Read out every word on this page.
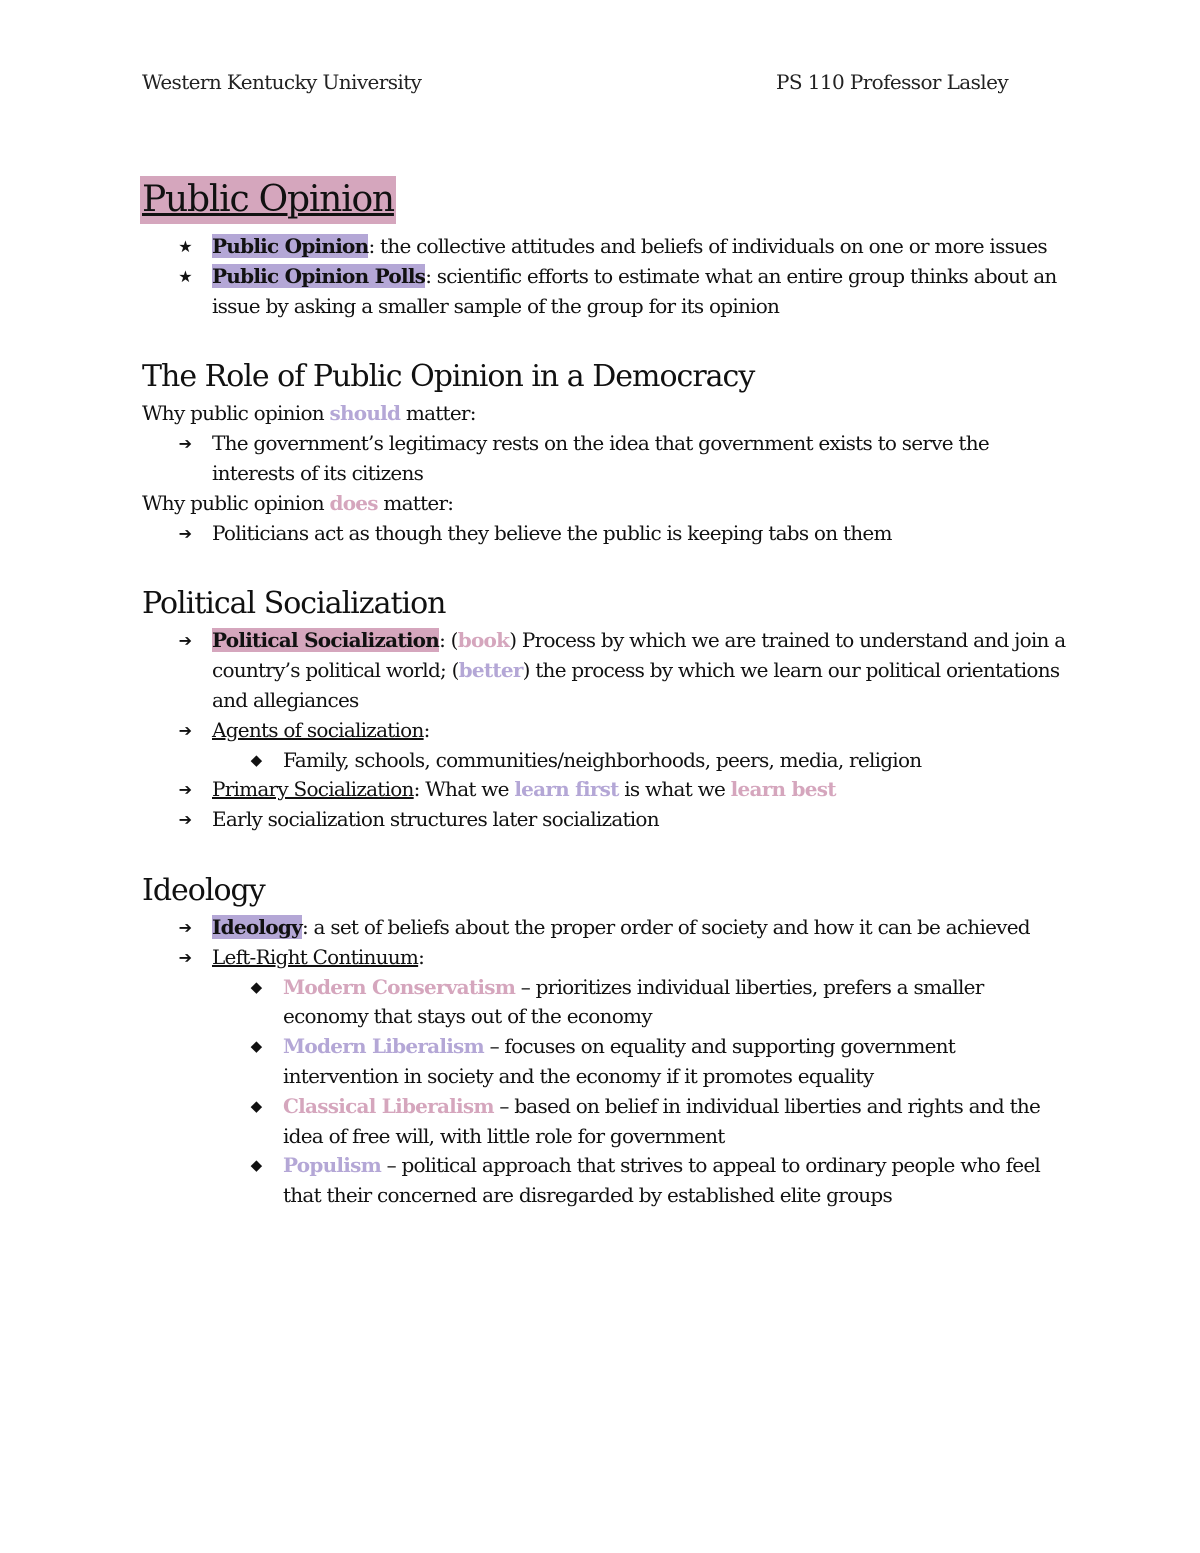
Western Kentucky University	PS 110 Professor Lasley
Public Opinion
★ Public Opinion: the collective attitudes and beliefs of individuals on one or more issues
★ Public Opinion Polls: scientific efforts to estimate what an entire group thinks about an issue by asking a smaller sample of the group for its opinion
The Role of Public Opinion in a Democracy

Why public opinion should matter:

➔ The government’s legitimacy rests on the idea that government exists to serve the interests of its citizens

Why public opinion does matter:

➔ Politicians act as though they believe the public is keeping tabs on them
Political Socialization
➔ Political Socialization: (book) Process by which we are trained to understand and join a country’s political world; (better) the process by which we learn our political orientations and allegiances
➔ Agents of socialization:
◆ Family, schools, communities/neighborhoods, peers, media, religion
➔ Primary Socialization: What we learn first is what we learn best
➔ Early socialization structures later socialization
Ideology
➔ Ideology: a set of beliefs about the proper order of society and how it can be achieved
➔ Left-Right Continuum:
◆ Modern Conservatism – prioritizes individual liberties, prefers a smaller economy that stays out of the economy
◆ Modern Liberalism – focuses on equality and supporting government intervention in society and the economy if it promotes equality
◆ Classical Liberalism – based on belief in individual liberties and rights and the idea of free will, with little role for government
◆ Populism – political approach that strives to appeal to ordinary people who feel that their concerned are disregarded by established elite groups
